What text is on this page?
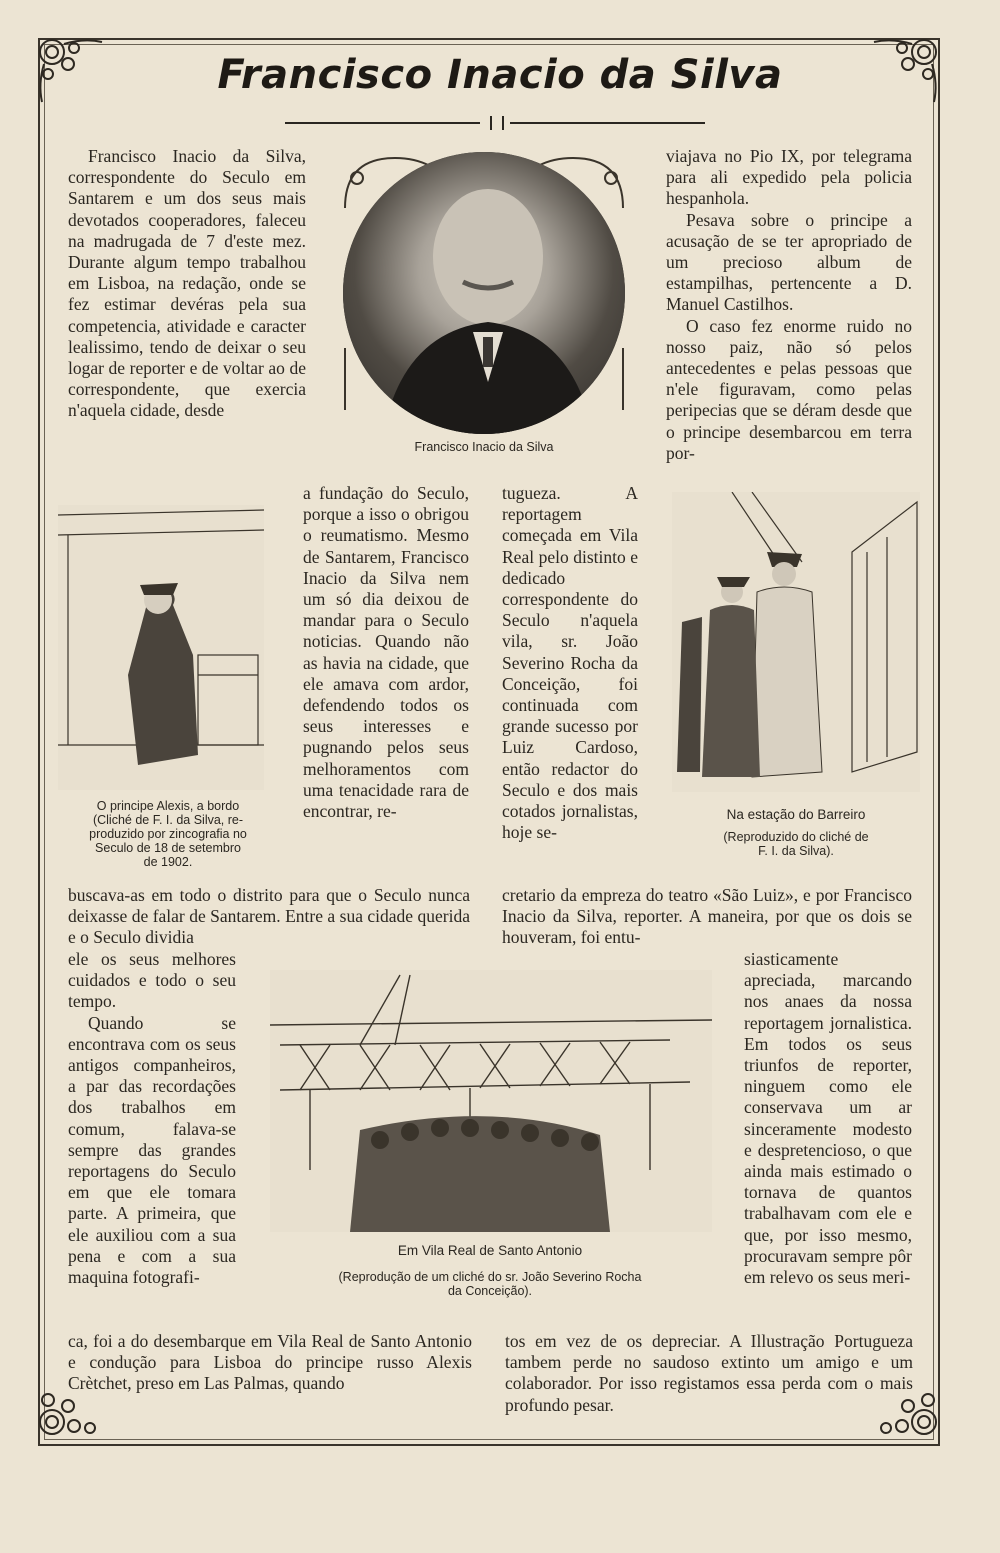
Francisco Inacio da Silva
Francisco Inacio da Silva

Francisco Inacio da Silva, correspondente do Seculo em Santarem e um dos seus mais devotados cooperadores, faleceu na madrugada de 7 d'este mez. Durante algum tempo trabalhou em Lisboa, na redação, onde se fez estimar devéras pela sua competencia, atividade e caracter lealissimo, tendo de deixar o seu logar de reporter e de voltar ao de correspondente, que exercia n'aquela cidade, desde

viajava no Pio IX, por telegrama para ali expedido pela policia hespanhola.

Pesava sobre o principe a acusação de se ter apropriado de um precioso album de estampilhas, pertencente a D. Manuel Castilhos.

O caso fez enorme ruido no nosso paiz, não só pelos antecedentes e pelas pessoas que n'ele figuravam, como pelas peripecias que se déram desde que o principe desembarcou em terra por-

O principe Alexis, a bordo
(Cliché de F. I. da Silva, re-
produzido por zincografia no
Seculo de 18 de setembro
de 1902.

a fundação do Seculo, porque a isso o obrigou o reumatismo. Mesmo de Santarem, Francisco Inacio da Silva nem um só dia deixou de mandar para o Seculo noticias. Quando não as havia na cidade, que ele amava com ardor, defendendo todos os seus interesses e pugnando pelos seus melhoramentos com uma tenacidade rara de encontrar, re-

tugueza. A reportagem começada em Vila Real pelo distinto e dedicado correspondente do Seculo n'aquela vila, sr. João Severino Rocha da Conceição, foi continuada com grande sucesso por Luiz Cardoso, então redactor do Seculo e dos mais cotados jornalistas, hoje se-

Na estação do Barreiro
(Reproduzido do cliché de
F. I. da Silva).

buscava-as em todo o distrito para que o Seculo nunca deixasse de falar de Santarem. Entre a sua cidade querida e o Seculo dividia

cretario da empreza do teatro «São Luiz», e por Francisco Inacio da Silva, reporter. A maneira, por que os dois se houveram, foi entu-

ele os seus melhores cuidados e todo o seu tempo.

Quando se encontrava com os seus antigos companheiros, a par das recordações dos trabalhos em comum, falava-se sempre das grandes reportagens do Seculo em que ele tomara parte. A primeira, que ele auxiliou com a sua pena e com a sua maquina fotografi-

siasticamente apreciada, marcando nos anaes da nossa reportagem jornalistica. Em todos os seus triunfos de reporter, ninguem como ele conservava um ar sinceramente modesto e despretencioso, o que ainda mais estimado o tornava de quantos trabalhavam com ele e que, por isso mesmo, procuravam sempre pôr em relevo os seus meri-

Em Vila Real de Santo Antonio
(Reprodução de um cliché do sr. João Severino Rocha
da Conceição).

ca, foi a do desembarque em Vila Real de Santo Antonio e condução para Lisboa do principe russo Alexis Crètchet, preso em Las Palmas, quando

tos em vez de os depreciar. A Illustração Portugueza tambem perde no saudoso extinto um amigo e um colaborador. Por isso registamos essa perda com o mais profundo pesar.
